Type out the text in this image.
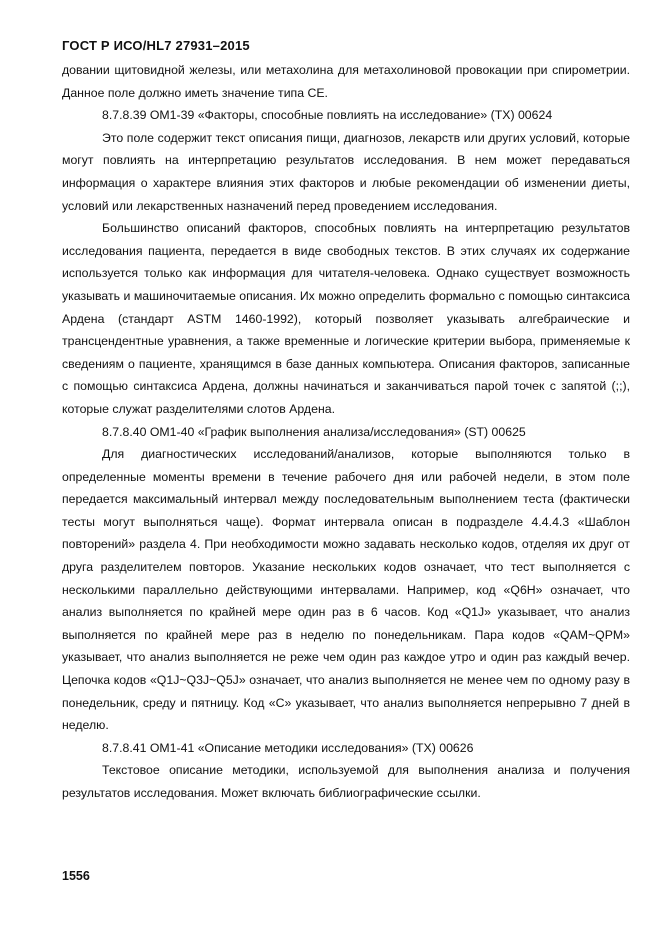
ГОСТ Р ИСО/HL7 27931–2015

довании щитовидной железы, или метахолина для метахолиновой провокации при спирометрии. Данное поле должно иметь значение типа CE.

8.7.8.39 OM1-39 «Факторы, способные повлиять на исследование» (TX) 00624

Это поле содержит текст описания пищи, диагнозов, лекарств или других условий, которые могут повлиять на интерпретацию результатов исследования. В нем может передаваться информация о характере влияния этих факторов и любые рекомендации об изменении диеты, условий или лекарственных назначений перед проведением исследования.

Большинство описаний факторов, способных повлиять на интерпретацию результатов исследования пациента, передается в виде свободных текстов. В этих случаях их содержание используется только как информация для читателя-человека. Однако существует возможность указывать и машиночитаемые описания. Их можно определить формально с помощью синтаксиса Ардена (стандарт ASTM 1460-1992), который позволяет указывать алгебраические и трансцендентные уравнения, а также временные и логические критерии выбора, применяемые к сведениям о пациенте, хранящимся в базе данных компьютера. Описания факторов, записанные с помощью синтаксиса Ардена, должны начинаться и заканчиваться парой точек с запятой (;;), которые служат разделителями слотов Ардена.

8.7.8.40 OM1-40 «График выполнения анализа/исследования» (ST) 00625

Для диагностических исследований/анализов, которые выполняются только в определенные моменты времени в течение рабочего дня или рабочей недели, в этом поле передается максимальный интервал между последовательным выполнением теста (фактически тесты могут выполняться чаще). Формат интервала описан в подразделе 4.4.4.3 «Шаблон повторений» раздела 4. При необходимости можно задавать несколько кодов, отделяя их друг от друга разделителем повторов. Указание нескольких кодов означает, что тест выполняется с несколькими параллельно действующими интервалами. Например, код «Q6H» означает, что анализ выполняется по крайней мере один раз в 6 часов. Код «Q1J» указывает, что анализ выполняется по крайней мере раз в неделю по понедельникам. Пара кодов «QAM~QPM» указывает, что анализ выполняется не реже чем один раз каждое утро и один раз каждый вечер. Цепочка кодов «Q1J~Q3J~Q5J» означает, что анализ выполняется не менее чем по одному разу в понедельник, среду и пятницу. Код «C» указывает, что анализ выполняется непрерывно 7 дней в неделю.

8.7.8.41 OM1-41 «Описание методики исследования» (TX) 00626

Текстовое описание методики, используемой для выполнения анализа и получения результатов исследования. Может включать библиографические ссылки.

1556
